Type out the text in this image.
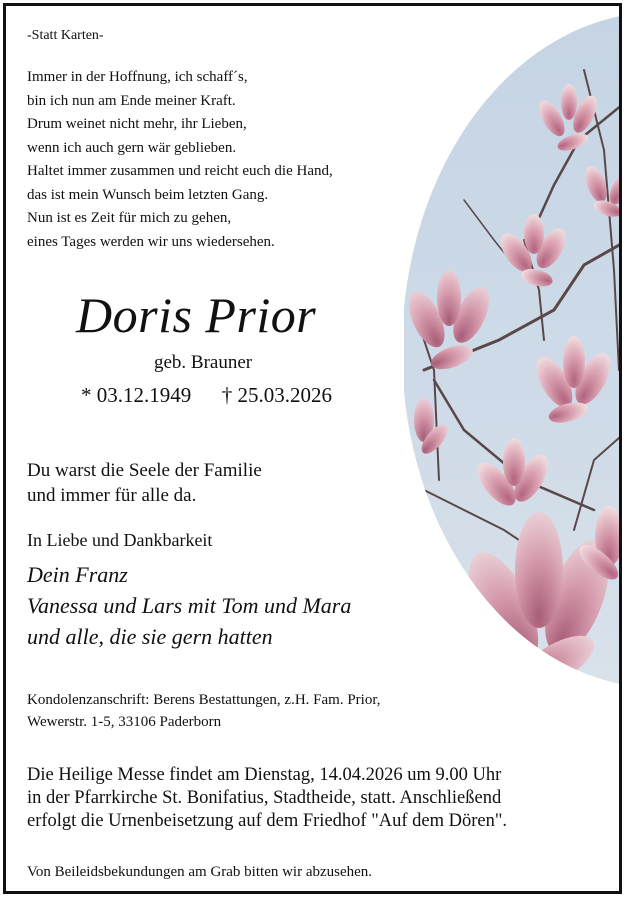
-Statt Karten-
Immer in der Hoffnung, ich schaff´s,
bin ich nun am Ende meiner Kraft.
Drum weinet nicht mehr, ihr Lieben,
wenn ich auch gern wär geblieben.
Haltet immer zusammen und reicht euch die Hand,
das ist mein Wunsch beim letzten Gang.
Nun ist es Zeit für mich zu gehen,
eines Tages werden wir uns wiedersehen.
Doris Prior
geb. Brauner
* 03.12.1949 † 25.03.2026
Du warst die Seele der Familie
und immer für alle da.
In Liebe und Dankbarkeit
Dein Franz
Vanessa und Lars mit Tom und Mara
und alle, die sie gern hatten
Kondolenzanschrift: Berens Bestattungen, z.H. Fam. Prior,
Wewerstr. 1-5, 33106 Paderborn
Die Heilige Messe findet am Dienstag, 14.04.2026 um 9.00 Uhr
in der Pfarrkirche St. Bonifatius, Stadtheide, statt. Anschließend
erfolgt die Urnenbeisetzung auf dem Friedhof "Auf dem Dören".
Von Beileidsbekundungen am Grab bitten wir abzusehen.
